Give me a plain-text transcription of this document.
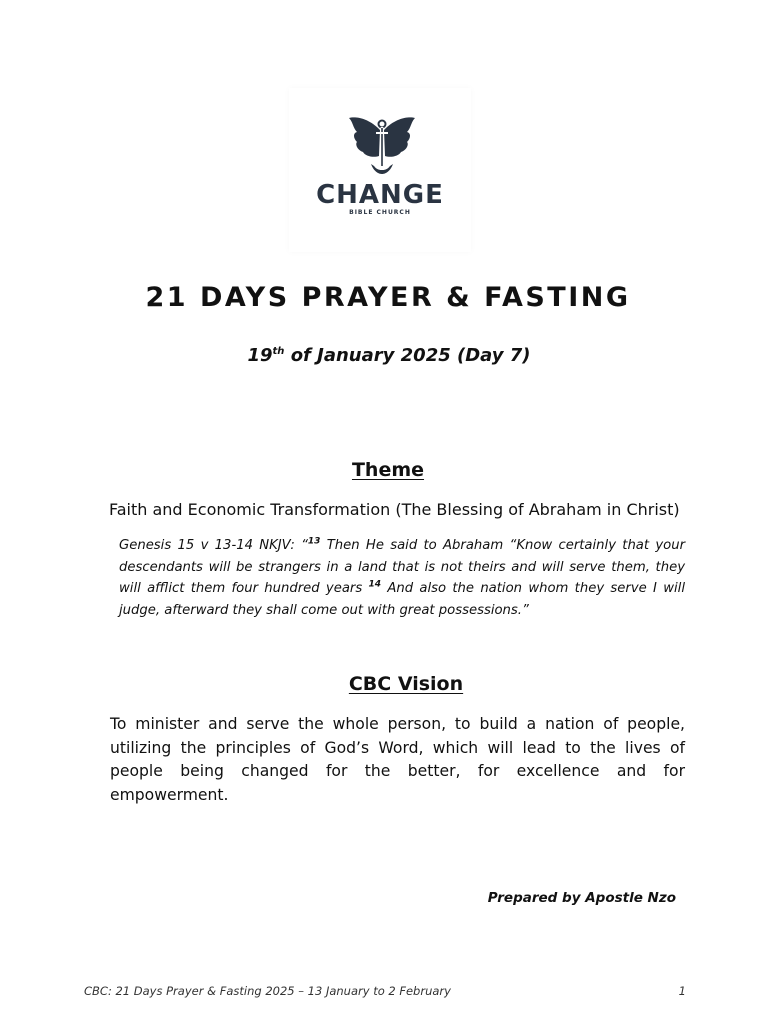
CHANGE
BIBLE CHURCH
21 DAYS PRAYER & FASTING
19th of January 2025 (Day 7)
Theme
Faith and Economic Transformation (The Blessing of Abraham in Christ)
Genesis 15 v 13-14 NKJV: “$^{13}$ Then He said to Abraham “Know certainly that your descendants will be strangers in a land that is not theirs and will serve them, they will afflict them four hundred years $^{14}$ And also the nation whom they serve I will judge, afterward they shall come out with great possessions.”
CBC Vision
To minister and serve the whole person, to build a nation of people, utilizing the principles of God’s Word, which will lead to the lives of people being changed for the better, for excellence and for empowerment.
Prepared by Apostle Nzo
CBC: 21 Days Prayer & Fasting 2025 – 13 January to 2 February	1
